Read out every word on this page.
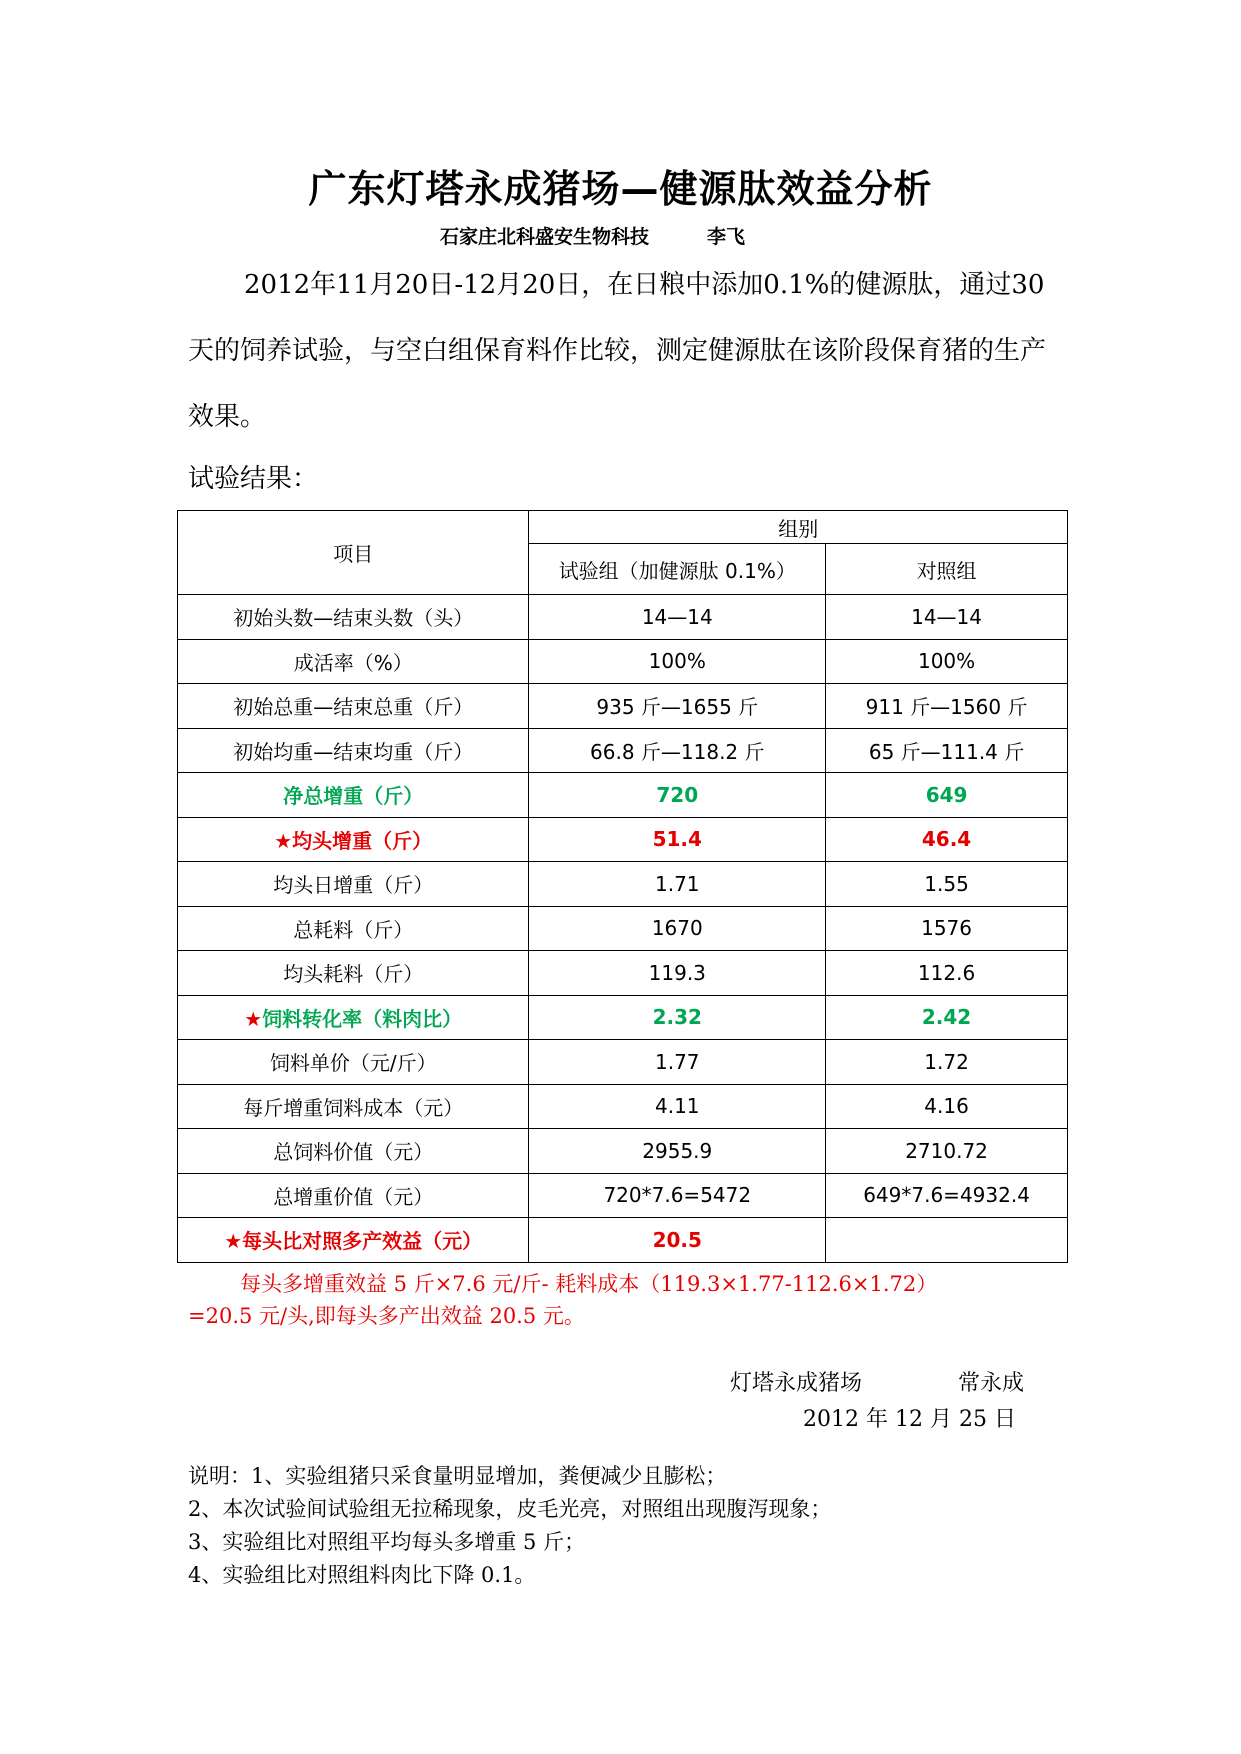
广东灯塔永成猪场—健源肽效益分析
石家庄北科盛安生物科技	李飞

2012年11月20日-12月20日，在日粮中添加0.1%的健源肽，通过30天的饲养试验，与空白组保育料作比较，测定健源肽在该阶段保育猪的生产效果。

试验结果：
项目	组别	
	试验组（加健源肽 0.1%）	对照组
初始头数—结束头数（头）	14—14	14—14
成活率（%）	100%	100%
初始总重—结束总重（斤）	935 斤—1655 斤	911 斤—1560 斤
初始均重—结束均重（斤）	66.8 斤—118.2 斤	65 斤—111.4 斤
净总增重（斤）	720	649
★均头增重（斤）	51.4	46.4
均头日增重（斤）	1.71	1.55
总耗料（斤）	1670	1576
均头耗料（斤）	119.3	112.6
★饲料转化率（料肉比）	2.32	2.42
饲料单价（元/斤）	1.77	1.72
每斤增重饲料成本（元）	4.11	4.16
总饲料价值（元）	2955.9	2710.72
总增重价值（元）	720*7.6=5472	649*7.6=4932.4
★每头比对照多产效益（元）	20.5	
每头多增重效益 5 斤×7.6 元/斤- 耗料成本（119.3×1.77-112.6×1.72）
=20.5 元/头,即每头多产出效益 20.5 元。
灯塔永成猪场	常永成
2012 年 12 月 25 日
说明：1、实验组猪只采食量明显增加，粪便减少且膨松；
2、本次试验间试验组无拉稀现象，皮毛光亮，对照组出现腹泻现象；
3、实验组比对照组平均每头多增重 5 斤；
4、实验组比对照组料肉比下降 0.1。
